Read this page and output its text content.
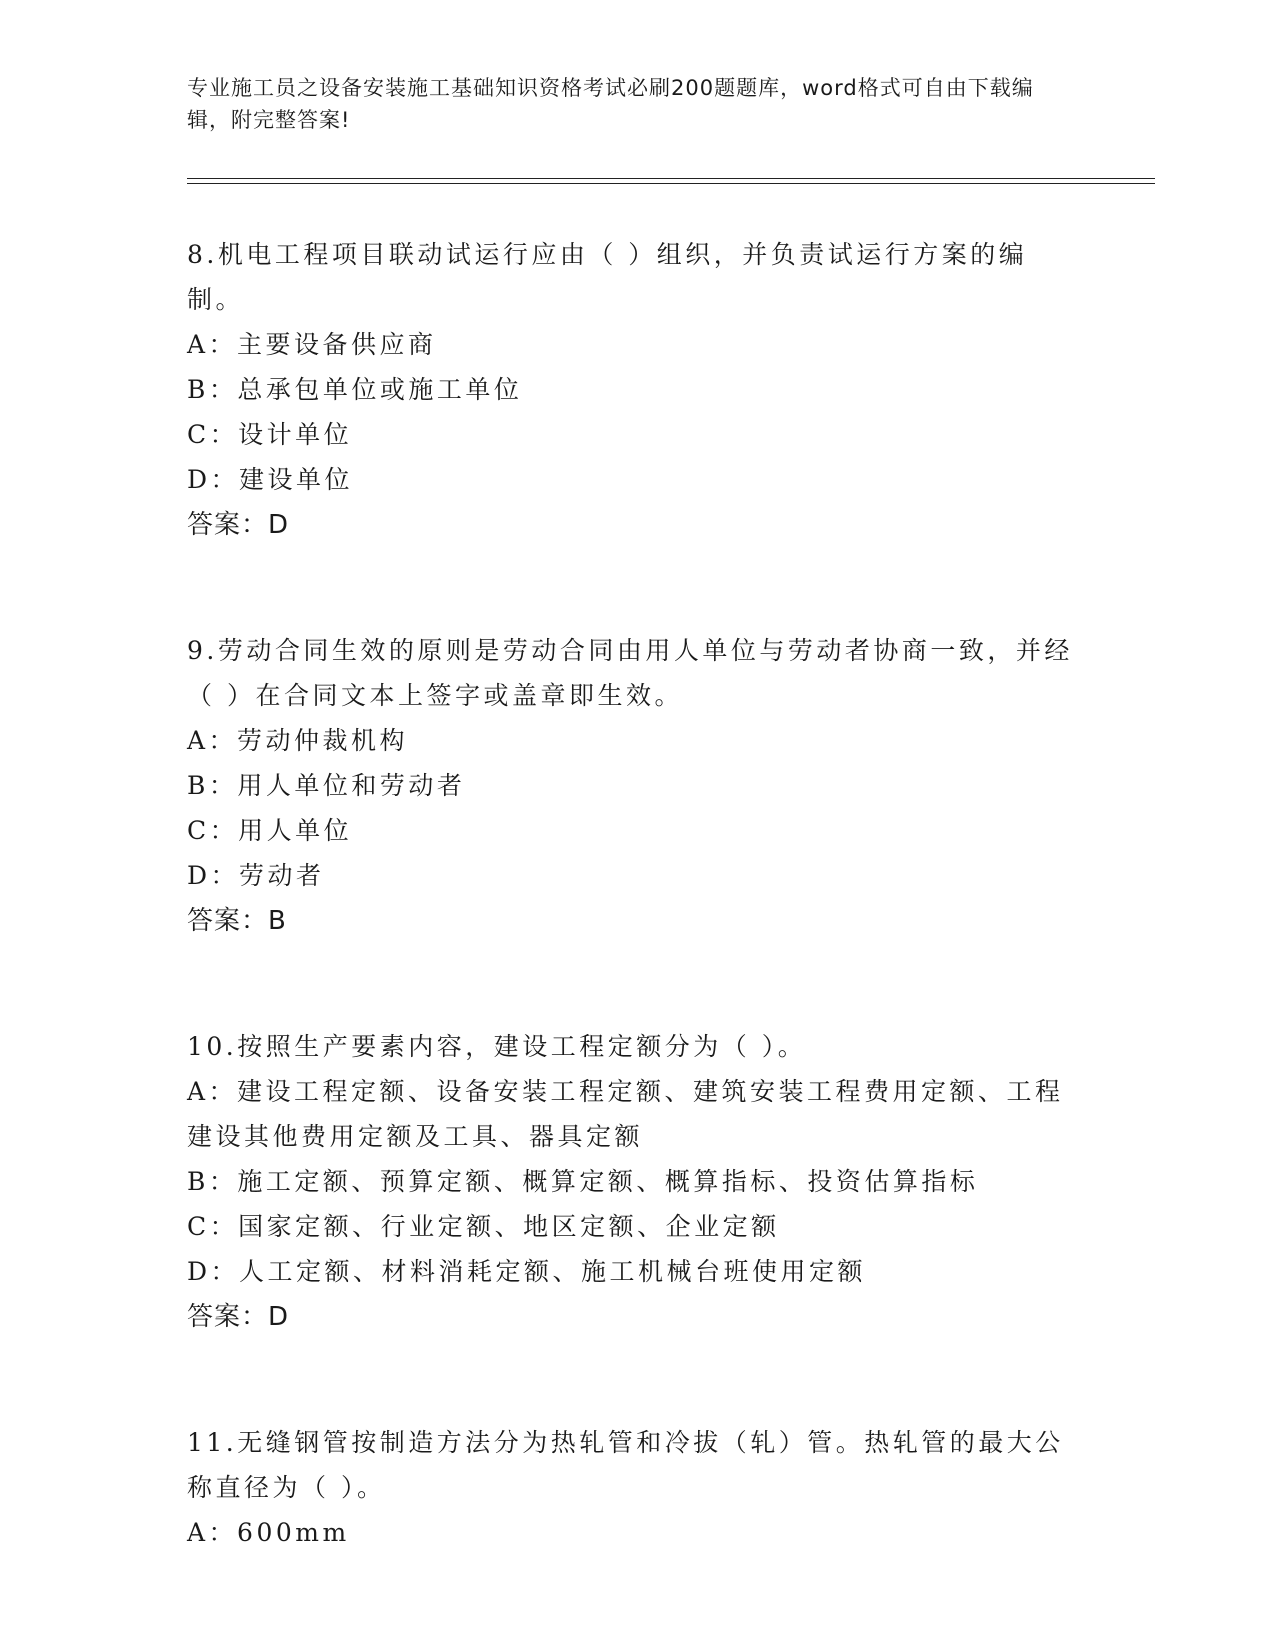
专业施工员之设备安装施工基础知识资格考试必刷200题题库，word格式可自由下载编辑，附完整答案!

8.机电工程项目联动试运行应由（ ）组织，并负责试运行方案的编制。

A：主要设备供应商

B：总承包单位或施工单位

C：设计单位

D：建设单位

答案：D

9.劳动合同生效的原则是劳动合同由用人单位与劳动者协商一致，并经（ ）在合同文本上签字或盖章即生效。

A：劳动仲裁机构

B：用人单位和劳动者

C：用人单位

D：劳动者

答案：B

10.按照生产要素内容，建设工程定额分为（ ）。

A：建设工程定额、设备安装工程定额、建筑安装工程费用定额、工程建设其他费用定额及工具、器具定额

B：施工定额、预算定额、概算定额、概算指标、投资估算指标

C：国家定额、行业定额、地区定额、企业定额

D：人工定额、材料消耗定额、施工机械台班使用定额

答案：D

11.无缝钢管按制造方法分为热轧管和冷拔（轧）管。热轧管的最大公称直径为（ ）。

A：600mm
